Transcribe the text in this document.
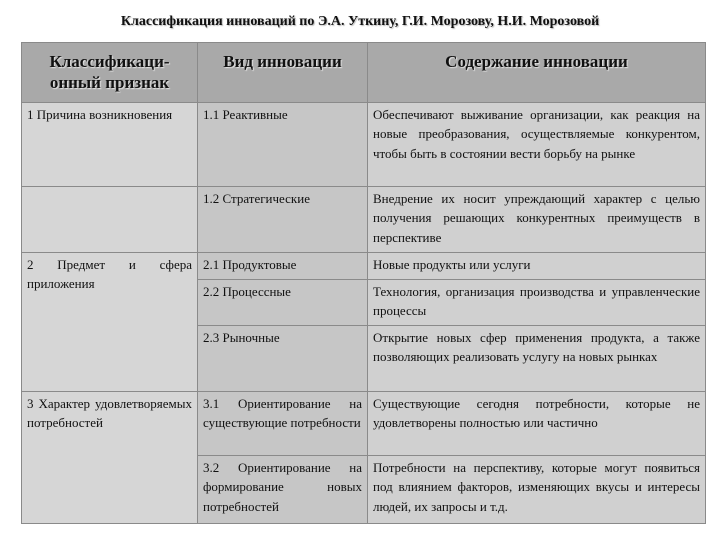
Классификация инноваций по Э.А. Уткину, Г.И. Морозову, Н.И. Морозовой
Классификаци-онный признак	Вид инновации	Содержание инновации
1 Причина возникновения	1.1 Реактивные	Обеспечивают выживание организации, как реакция на новые преобразования, осуществляемые конкурентом, чтобы быть в состоянии вести борьбу на рынке
	1.2 Стратегические	Внедрение их носит упреждающий характер с целью получения решающих конкурентных преимуществ в перспективе
2 Предмет и сфера приложения	2.1 Продуктовые	Новые продукты или услуги
	2.2 Процессные	Технология, организация производства и управленческие процессы
	2.3 Рыночные	Открытие новых сфер применения продукта, а также позволяющих реализовать услугу на новых рынках
3 Характер удовлетворяемых потребностей	3.1 Ориентирование на существующие потребности	Существующие сегодня потребности, которые не удовлетворены полностью или частично
	3.2 Ориентирование на формирование новых потребностей	Потребности на перспективу, которые могут появиться под влиянием факторов, изменяющих вкусы и интересы людей, их запросы и т.д.
